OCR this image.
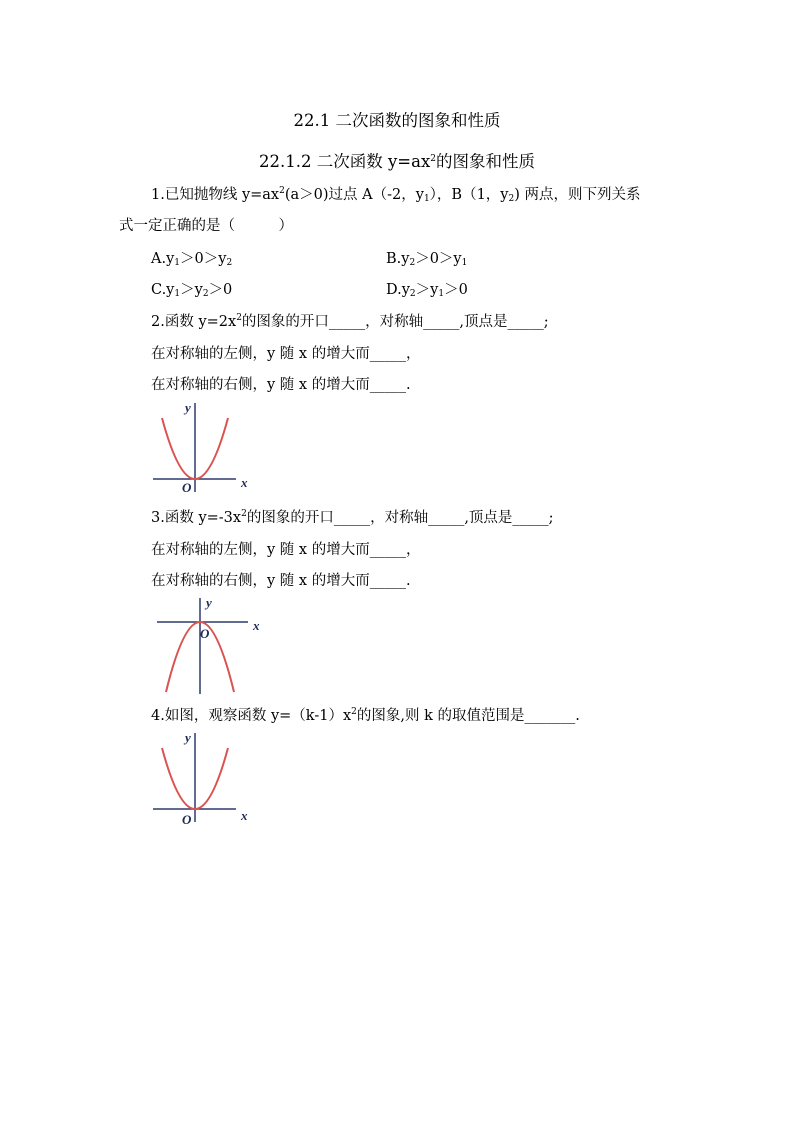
22.1 二次函数的图象和性质
22.1.2 二次函数 $y=ax^2$的图象和性质
1.已知抛物线 $y=ax^2(a>0)$过点 A（-2，$y_1$），B（1，$y_2$) 两点，则下列关系
式一定正确的是（　　　）
$A.y_1>0>y_2$	$B.y_2>0>y_1$
$C.y_1>y_2>0$	$D.y_2>y_1>0$
2.函数 $y=2x^2$的图象的开口_____，对称轴_____,顶点是_____;
在对称轴的左侧，y 随 x 的增大而_____，
在对称轴的右侧，y 随 x 的增大而_____.
y
x
O
3.函数 $y=-3x^2$的图象的开口_____，对称轴_____,顶点是_____;
在对称轴的左侧，y 随 x 的增大而_____，
在对称轴的右侧，y 随 x 的增大而_____.
y
x
O
4.如图，观察函数 $y=(k-1)x^2$的图象,则 k 的取值范围是_______.
y
x
O
